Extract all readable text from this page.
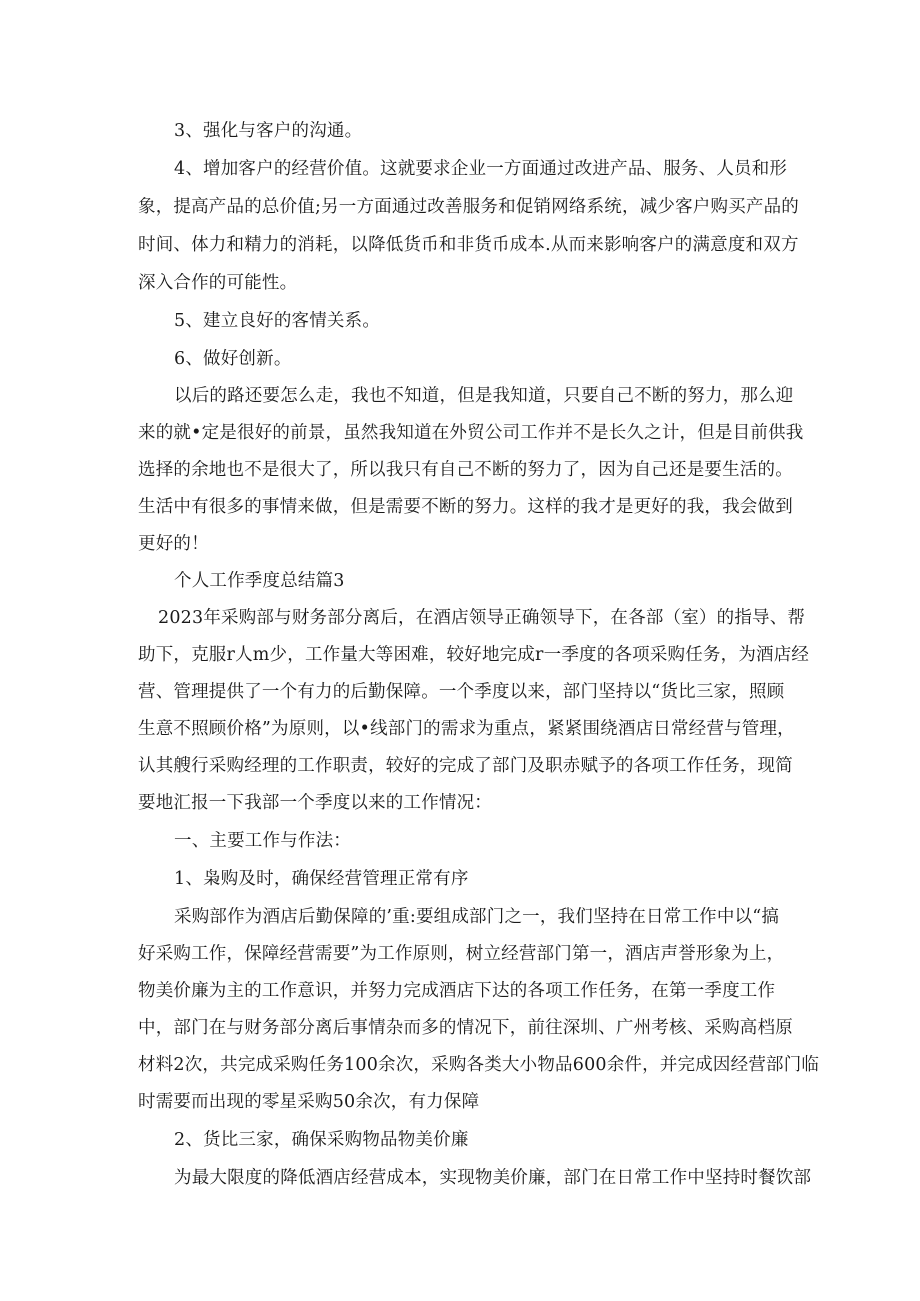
3、强化与客户的沟通。
4、增加客户的经营价值。这就要求企业一方面通过改进产品、服务、人员和形
象，提高产品的总价值;另一方面通过改善服务和促销网络系统，减少客户购买产品的
时间、体力和精力的消耗，以降低货币和非货币成本.从而来影响客户的满意度和双方
深入合作的可能性。
5、建立良好的客情关系。
6、做好创新。
以后的路还要怎么走，我也不知道，但是我知道，只要自己不断的努力，那么迎
来的就•定是很好的前景，虽然我知道在外贸公司工作并不是长久之计，但是目前供我
选择的余地也不是很大了，所以我只有自己不断的努力了，因为自己还是要生活的。
生活中有很多的事情来做，但是需要不断的努力。这样的我才是更好的我，我会做到
更好的！
个人工作季度总结篇3
2023年采购部与财务部分离后，在酒店领导正确领导下，在各部（室）的指导、帮
助下，克服r人m少，工作量大等困难，较好地完成r一季度的各项采购任务，为酒店经
营、管理提供了一个有力的后勤保障。一个季度以来，部门坚持以“货比三家，照顾
生意不照顾价格”为原则，以•线部门的需求为重点，紧紧围绕酒店日常经营与管理，
认其艘行采购经理的工作职责，较好的完成了部门及职赤赋予的各项工作任务，现简
要地汇报一下我部一个季度以来的工作情况：
一、主要工作与作法：
1、枭购及时，确保经营管理正常有序
采购部作为酒店后勤保障的’重:要组成部门之一，我们坚持在日常工作中以“搞
好采购工作，保障经营需要”为工作原则，树立经营部门第一，酒店声誉形象为上，
物美价廉为主的工作意识，并努力完成酒店下达的各项工作任务，在第一季度工作
中，部门在与财务部分离后事情杂而多的情况下，前往深圳、广州考核、采购高档原
材料2次，共完成采购任务100余次，采购各类大小物品600余件，并完成因经营部门临
时需要而出现的零星采购50余次，有力保障
2、货比三家，确保采购物品物美价廉
为最大限度的降低酒店经营成本，实现物美价廉，部门在日常工作中坚持时餐饮部
